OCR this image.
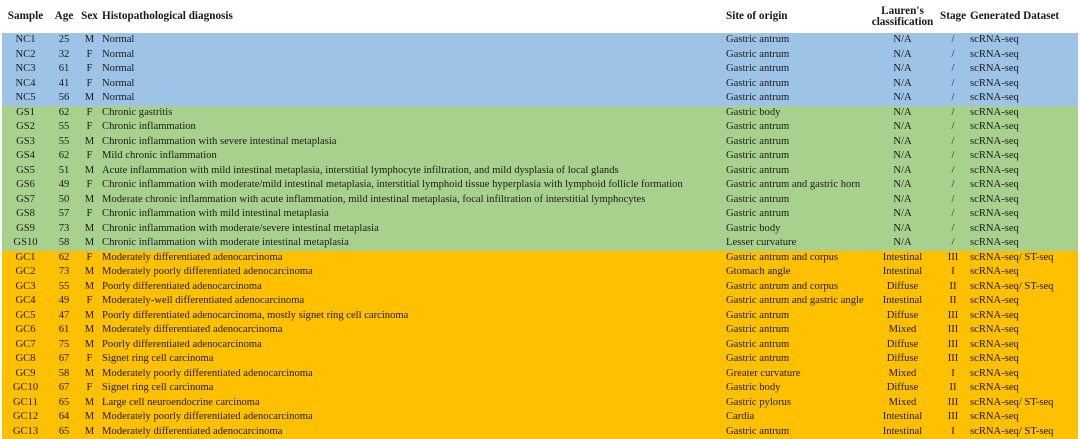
Sample	Age	Sex	Histopathological diagnosis	Site of origin	Lauren's classification	Stage	Generated Dataset
NC1	25	M	Normal	Gastric antrum	N/A	/	scRNA-seq
NC2	32	F	Normal	Gastric antrum	N/A	/	scRNA-seq
NC3	61	F	Normal	Gastric antrum	N/A	/	scRNA-seq
NC4	41	F	Normal	Gastric antrum	N/A	/	scRNA-seq
NC5	56	M	Normal	Gastric antrum	N/A	/	scRNA-seq
GS1	62	F	Chronic gastritis	Gastric body	N/A	/	scRNA-seq
GS2	55	F	Chronic inflammation	Gastric antrum	N/A	/	scRNA-seq
GS3	55	M	Chronic inflammation with severe intestinal metaplasia	Gastric antrum	N/A	/	scRNA-seq
GS4	62	F	Mild chronic inflammation	Gastric antrum	N/A	/	scRNA-seq
GS5	51	M	Acute inflammation with mild intestinal metaplasia, interstitial lymphocyte infiltration, and mild dysplasia of local glands	Gastric antrum	N/A	/	scRNA-seq
GS6	49	F	Chronic inflammation with moderate/mild intestinal metaplasia, interstitial lymphoid tissue hyperplasia with lymphoid follicle formation	Gastric antrum and gastric horn	N/A	/	scRNA-seq
GS7	50	M	Moderate chronic inflammation with acute inflammation, mild intestinal metaplasia, focal infiltration of interstitial lymphocytes	Gastric antrum	N/A	/	scRNA-seq
GS8	57	F	Chronic inflammation with mild intestinal metaplasia	Gastric antrum	N/A	/	scRNA-seq
GS9	73	M	Chronic inflammation with moderate/severe intestinal metaplasia	Gastric body	N/A	/	scRNA-seq
GS10	58	M	Chronic inflammation with moderate intestinal metaplasia	Lesser curvature	N/A	/	scRNA-seq
GC1	62	F	Moderately differentiated adenocarcinoma	Gastric antrum and corpus	Intestinal	III	scRNA-seq/ ST-seq
GC2	73	M	Moderately poorly differentiated adenocarcinoma	Gtomach angle	Intestinal	I	scRNA-seq
GC3	55	M	Poorly differentiated adenocarcinoma	Gastric antrum and corpus	Diffuse	II	scRNA-seq/ ST-seq
GC4	49	F	Moderately-well differentiated adenocarcinoma	Gastric antrum and gastric angle	Intestinal	II	scRNA-seq
GC5	47	M	Poorly differentiated adenocarcinoma, mostly signet ring cell carcinoma	Gastric antrum	Diffuse	III	scRNA-seq
GC6	61	M	Moderately differentiated adenocarcinoma	Gastric antrum	Mixed	III	scRNA-seq
GC7	75	M	Poorly differentiated adenocarcinoma	Gastric antrum	Diffuse	III	scRNA-seq
GC8	67	F	Signet ring cell carcinoma	Gastric antrum	Diffuse	III	scRNA-seq
GC9	58	M	Moderately poorly differentiated adenocarcinoma	Greater curvature	Mixed	I	scRNA-seq
GC10	67	F	Signet ring cell carcinoma	Gastric body	Diffuse	II	scRNA-seq
GC11	65	M	Large cell neuroendocrine carcinoma	Gastric pylorus	Mixed	III	scRNA-seq/ ST-seq
GC12	64	M	Moderately poorly differentiated adenocarcinoma	Cardia	Intestinal	III	scRNA-seq
GC13	65	M	Moderately differentiated adenocarcinoma	Gastric antrum	Intestinal	I	scRNA-seq/ ST-seq
